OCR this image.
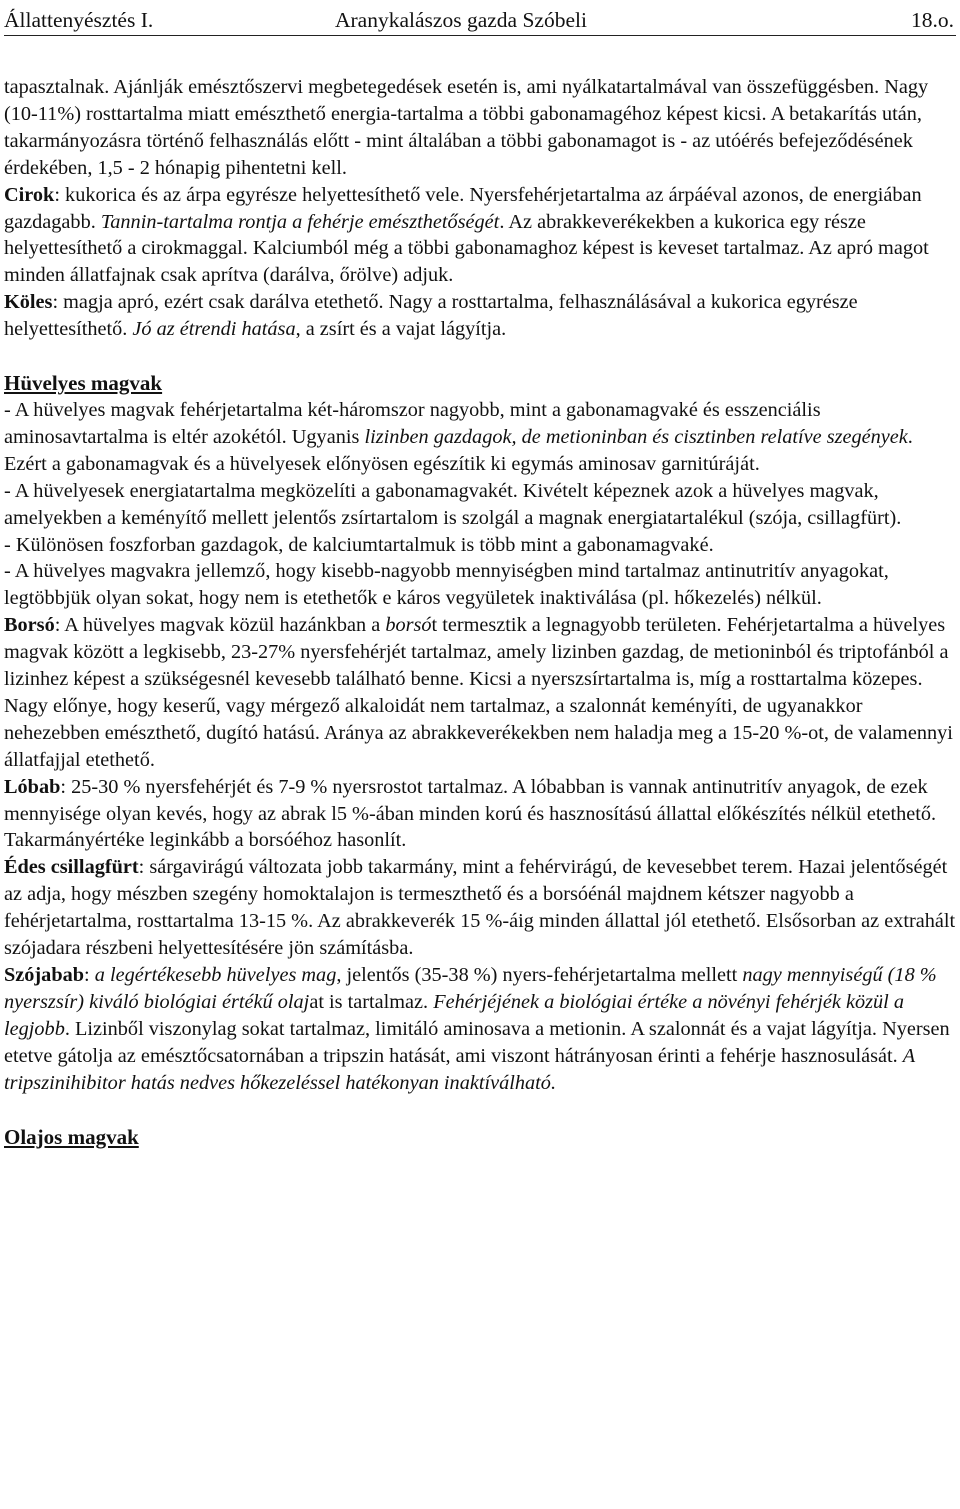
Állattenyésztés I.	Aranykalászos gazda Szóbeli	18.o.

tapasztalnak. Ajánlják emésztőszervi megbetegedések esetén is, ami nyálkatartalmával van összefüggésben. Nagy (10-11%) rosttartalma miatt emészthető energia-tartalma a többi gabonamagéhoz képest kicsi. A betakarítás után, takarmányozásra történő felhasználás előtt - mint általában a többi gabonamagot is - az utóérés befejeződésének érdekében, 1,5 - 2 hónapig pihentetni kell.

Cirok: kukorica és az árpa egyrésze helyettesíthető vele. Nyersfehérjetartalma az árpáéval azonos, de energiában gazdagabb. Tannin-tartalma rontja a fehérje emészthetőségét. Az abrakkeverékekben a kukorica egy része helyettesíthető a cirokmaggal. Kalciumból még a többi gabonamaghoz képest is keveset tartalmaz. Az apró magot minden állatfajnak csak aprítva (darálva, őrölve) adjuk.

Köles: magja apró, ezért csak darálva etethető. Nagy a rosttartalma, felhasználásával a kukorica egyrésze helyettesíthető. Jó az étrendi hatása, a zsírt és a vajat lágyítja.

Hüvelyes magvak

- A hüvelyes magvak fehérjetartalma két-háromszor nagyobb, mint a gabonamagvaké és esszenciális aminosavtartalma is eltér azokétól. Ugyanis lizinben gazdagok, de metioninban és cisztinben relatíve szegények. Ezért a gabonamagvak és a hüvelyesek előnyösen egészítik ki egymás aminosav garnitúráját.

- A hüvelyesek energiatartalma megközelíti a gabonamagvakét. Kivételt képeznek azok a hüvelyes magvak, amelyekben a keményítő mellett jelentős zsírtartalom is szolgál a magnak energiatartalékul (szója, csillagfürt).

- Különösen foszforban gazdagok, de kalciumtartalmuk is több mint a gabonamagvaké.

- A hüvelyes magvakra jellemző, hogy kisebb-nagyobb mennyiségben mind tartalmaz antinutritív anyagokat, legtöbbjük olyan sokat, hogy nem is etethetők e káros vegyületek inaktiválása (pl. hőkezelés) nélkül.

Borsó: A hüvelyes magvak közül hazánkban a borsót termesztik a legnagyobb területen. Fehérjetartalma a hüvelyes magvak között a legkisebb, 23-27% nyersfehérjét tartalmaz, amely lizinben gazdag, de metioninból és triptofánból a lizinhez képest a szükségesnél kevesebb található benne. Kicsi a nyerszsírtartalma is, míg a rosttartalma közepes. Nagy előnye, hogy keserű, vagy mérgező alkaloidát nem tartalmaz, a szalonnát keményíti, de ugyanakkor nehezebben emészthető, dugító hatású. Aránya az abrakkeverékekben nem haladja meg a 15-20 %-ot, de valamennyi állatfajjal etethető.

Lóbab: 25-30 % nyersfehérjét és 7-9 % nyersrostot tartalmaz. A lóbabban is vannak antinutritív anyagok, de ezek mennyisége olyan kevés, hogy az abrak l5 %-ában minden korú és hasznosítású állattal előkészítés nélkül etethető. Takarmányértéke leginkább a borsóéhoz hasonlít.

Édes csillagfürt: sárgavirágú változata jobb takarmány, mint a fehérvirágú, de kevesebbet terem. Hazai jelentőségét az adja, hogy mészben szegény homoktalajon is termeszthető és a borsóénál majdnem kétszer nagyobb a fehérjetartalma, rosttartalma 13-15 %. Az abrakkeverék 15 %-áig minden állattal jól etethető. Elsősorban az extrahált szójadara részbeni helyettesítésére jön számításba.

Szójabab: a legértékesebb hüvelyes mag, jelentős (35-38 %) nyers-fehérjetartalma mellett nagy mennyiségű (18 % nyerszsír) kiváló biológiai értékű olajat is tartalmaz. Fehérjéjének a biológiai értéke a növényi fehérjék közül a legjobb. Lizinből viszonylag sokat tartalmaz, limitáló aminosava a metionin. A szalonnát és a vajat lágyítja. Nyersen etetve gátolja az emésztőcsatornában a tripszin hatását, ami viszont hátrányosan érinti a fehérje hasznosulását. A tripszinihibitor hatás nedves hőkezeléssel hatékonyan inaktíválható.

Olajos magvak
